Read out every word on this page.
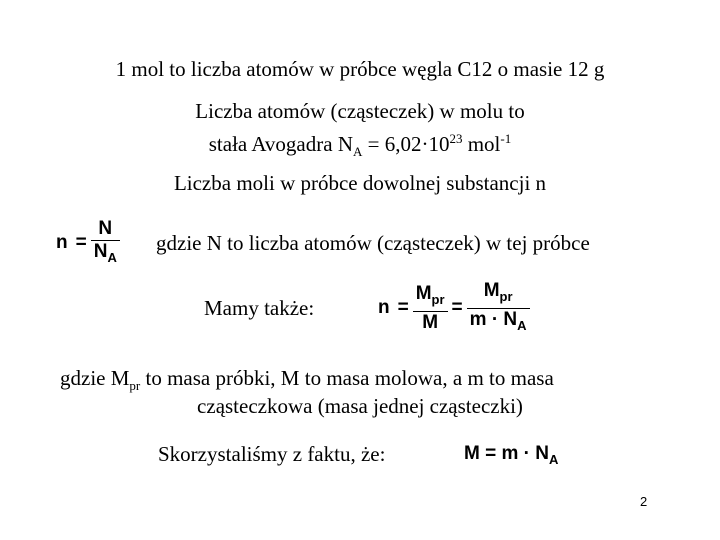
1 mol to liczba atomów w próbce węgla C12 o masie 12 g
Liczba atomów (cząsteczek) w molu to
stała Avogadra $N_A = 6,02\cdot 10^{23}$ mol$^{-1}$
Liczba moli w próbce dowolnej substancji n
$n = \frac{N}{N_A}$ gdzie N to liczba atomów (cząsteczek) w tej próbce
Mamy także:	$n = \frac{M_{pr}}{M} = \frac{M_{pr}}{m \cdot N_A}$
gdzie $M_{pr}$ to masa próbki, M to masa molowa, a m to masa
cząsteczkowa (masa jednej cząsteczki)
Skorzystaliśmy z faktu, że:	$M = m \cdot N_A$
2
